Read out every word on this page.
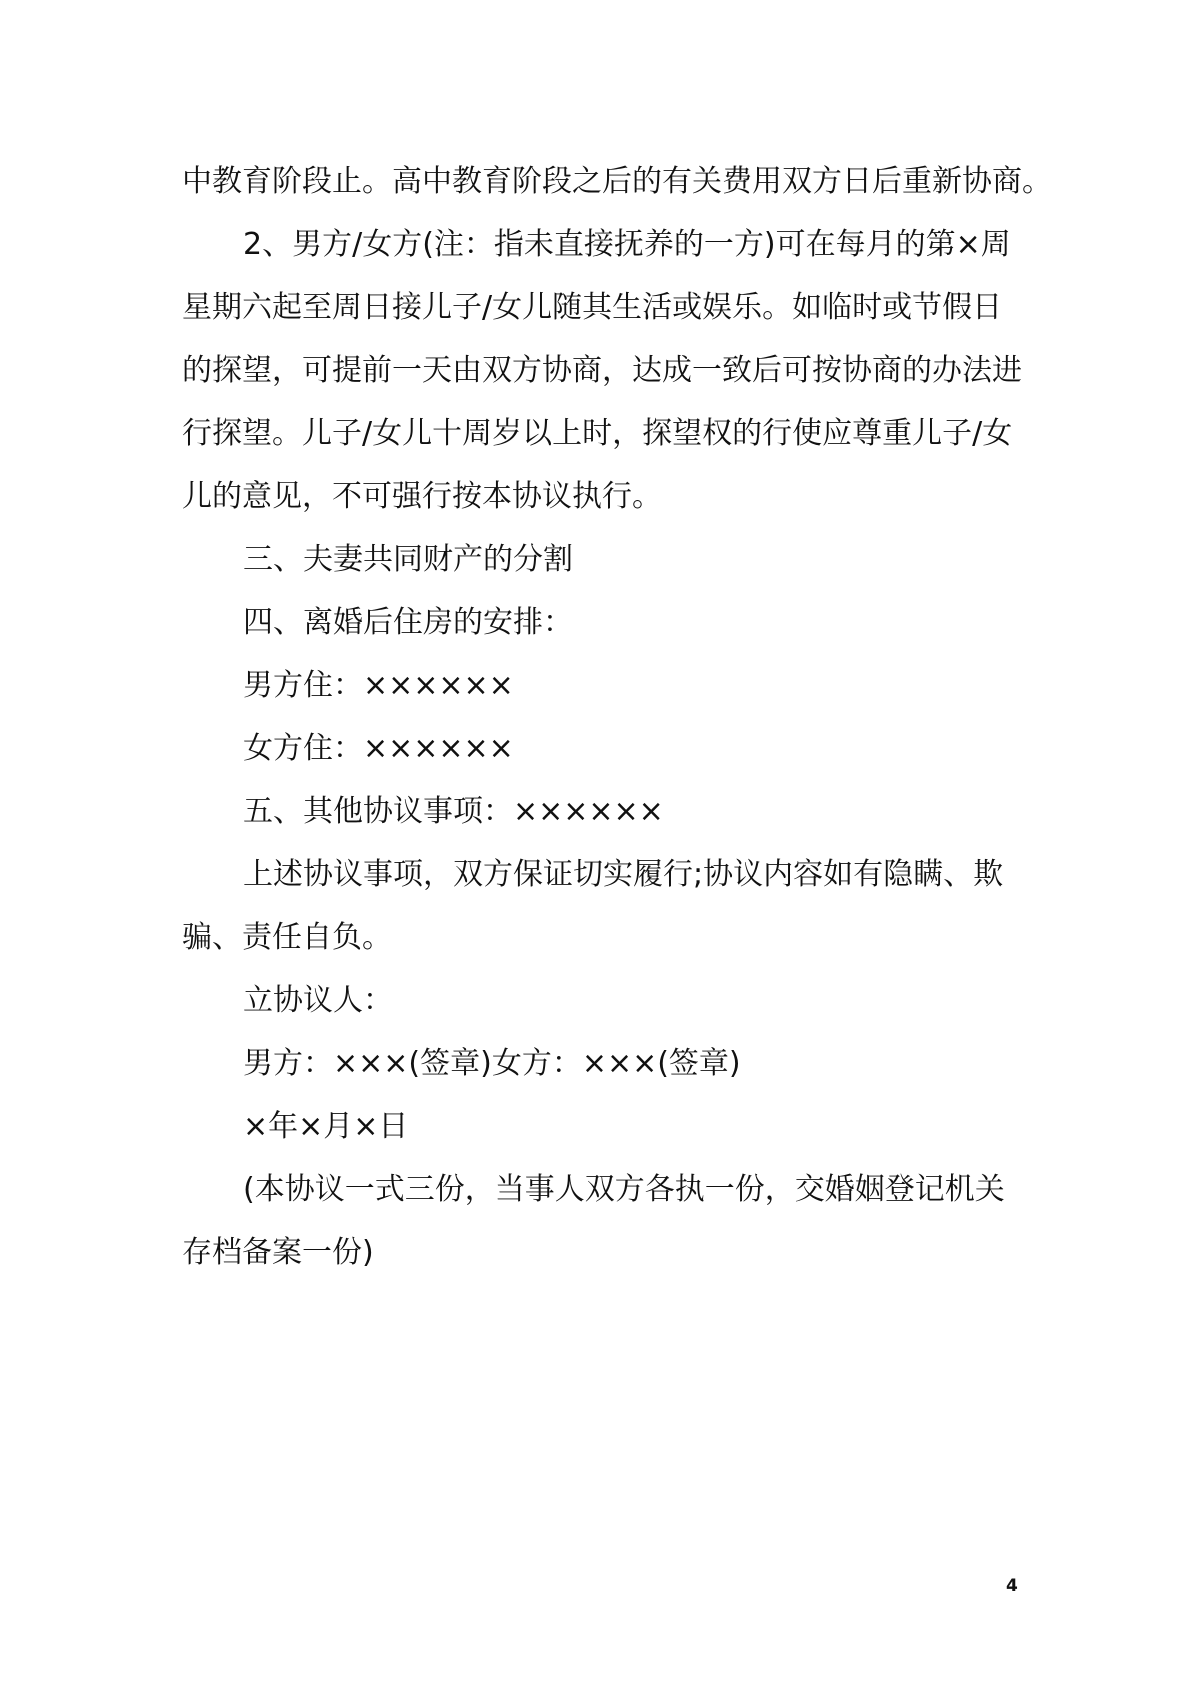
中教育阶段止。高中教育阶段之后的有关费用双方日后重新协商。
2、男方/女方(注：指未直接抚养的一方)可在每月的第×周
星期六起至周日接儿子/女儿随其生活或娱乐。如临时或节假日
的探望，可提前一天由双方协商，达成一致后可按协商的办法进
行探望。儿子/女儿十周岁以上时，探望权的行使应尊重儿子/女
儿的意见，不可强行按本协议执行。
三、夫妻共同财产的分割
四、离婚后住房的安排：
男方住：××××××
女方住：××××××
五、其他协议事项：××××××
上述协议事项，双方保证切实履行;协议内容如有隐瞒、欺
骗、责任自负。
立协议人：
男方：×××(签章)女方：×××(签章)
×年×月×日
(本协议一式三份，当事人双方各执一份，交婚姻登记机关
存档备案一份)
4
